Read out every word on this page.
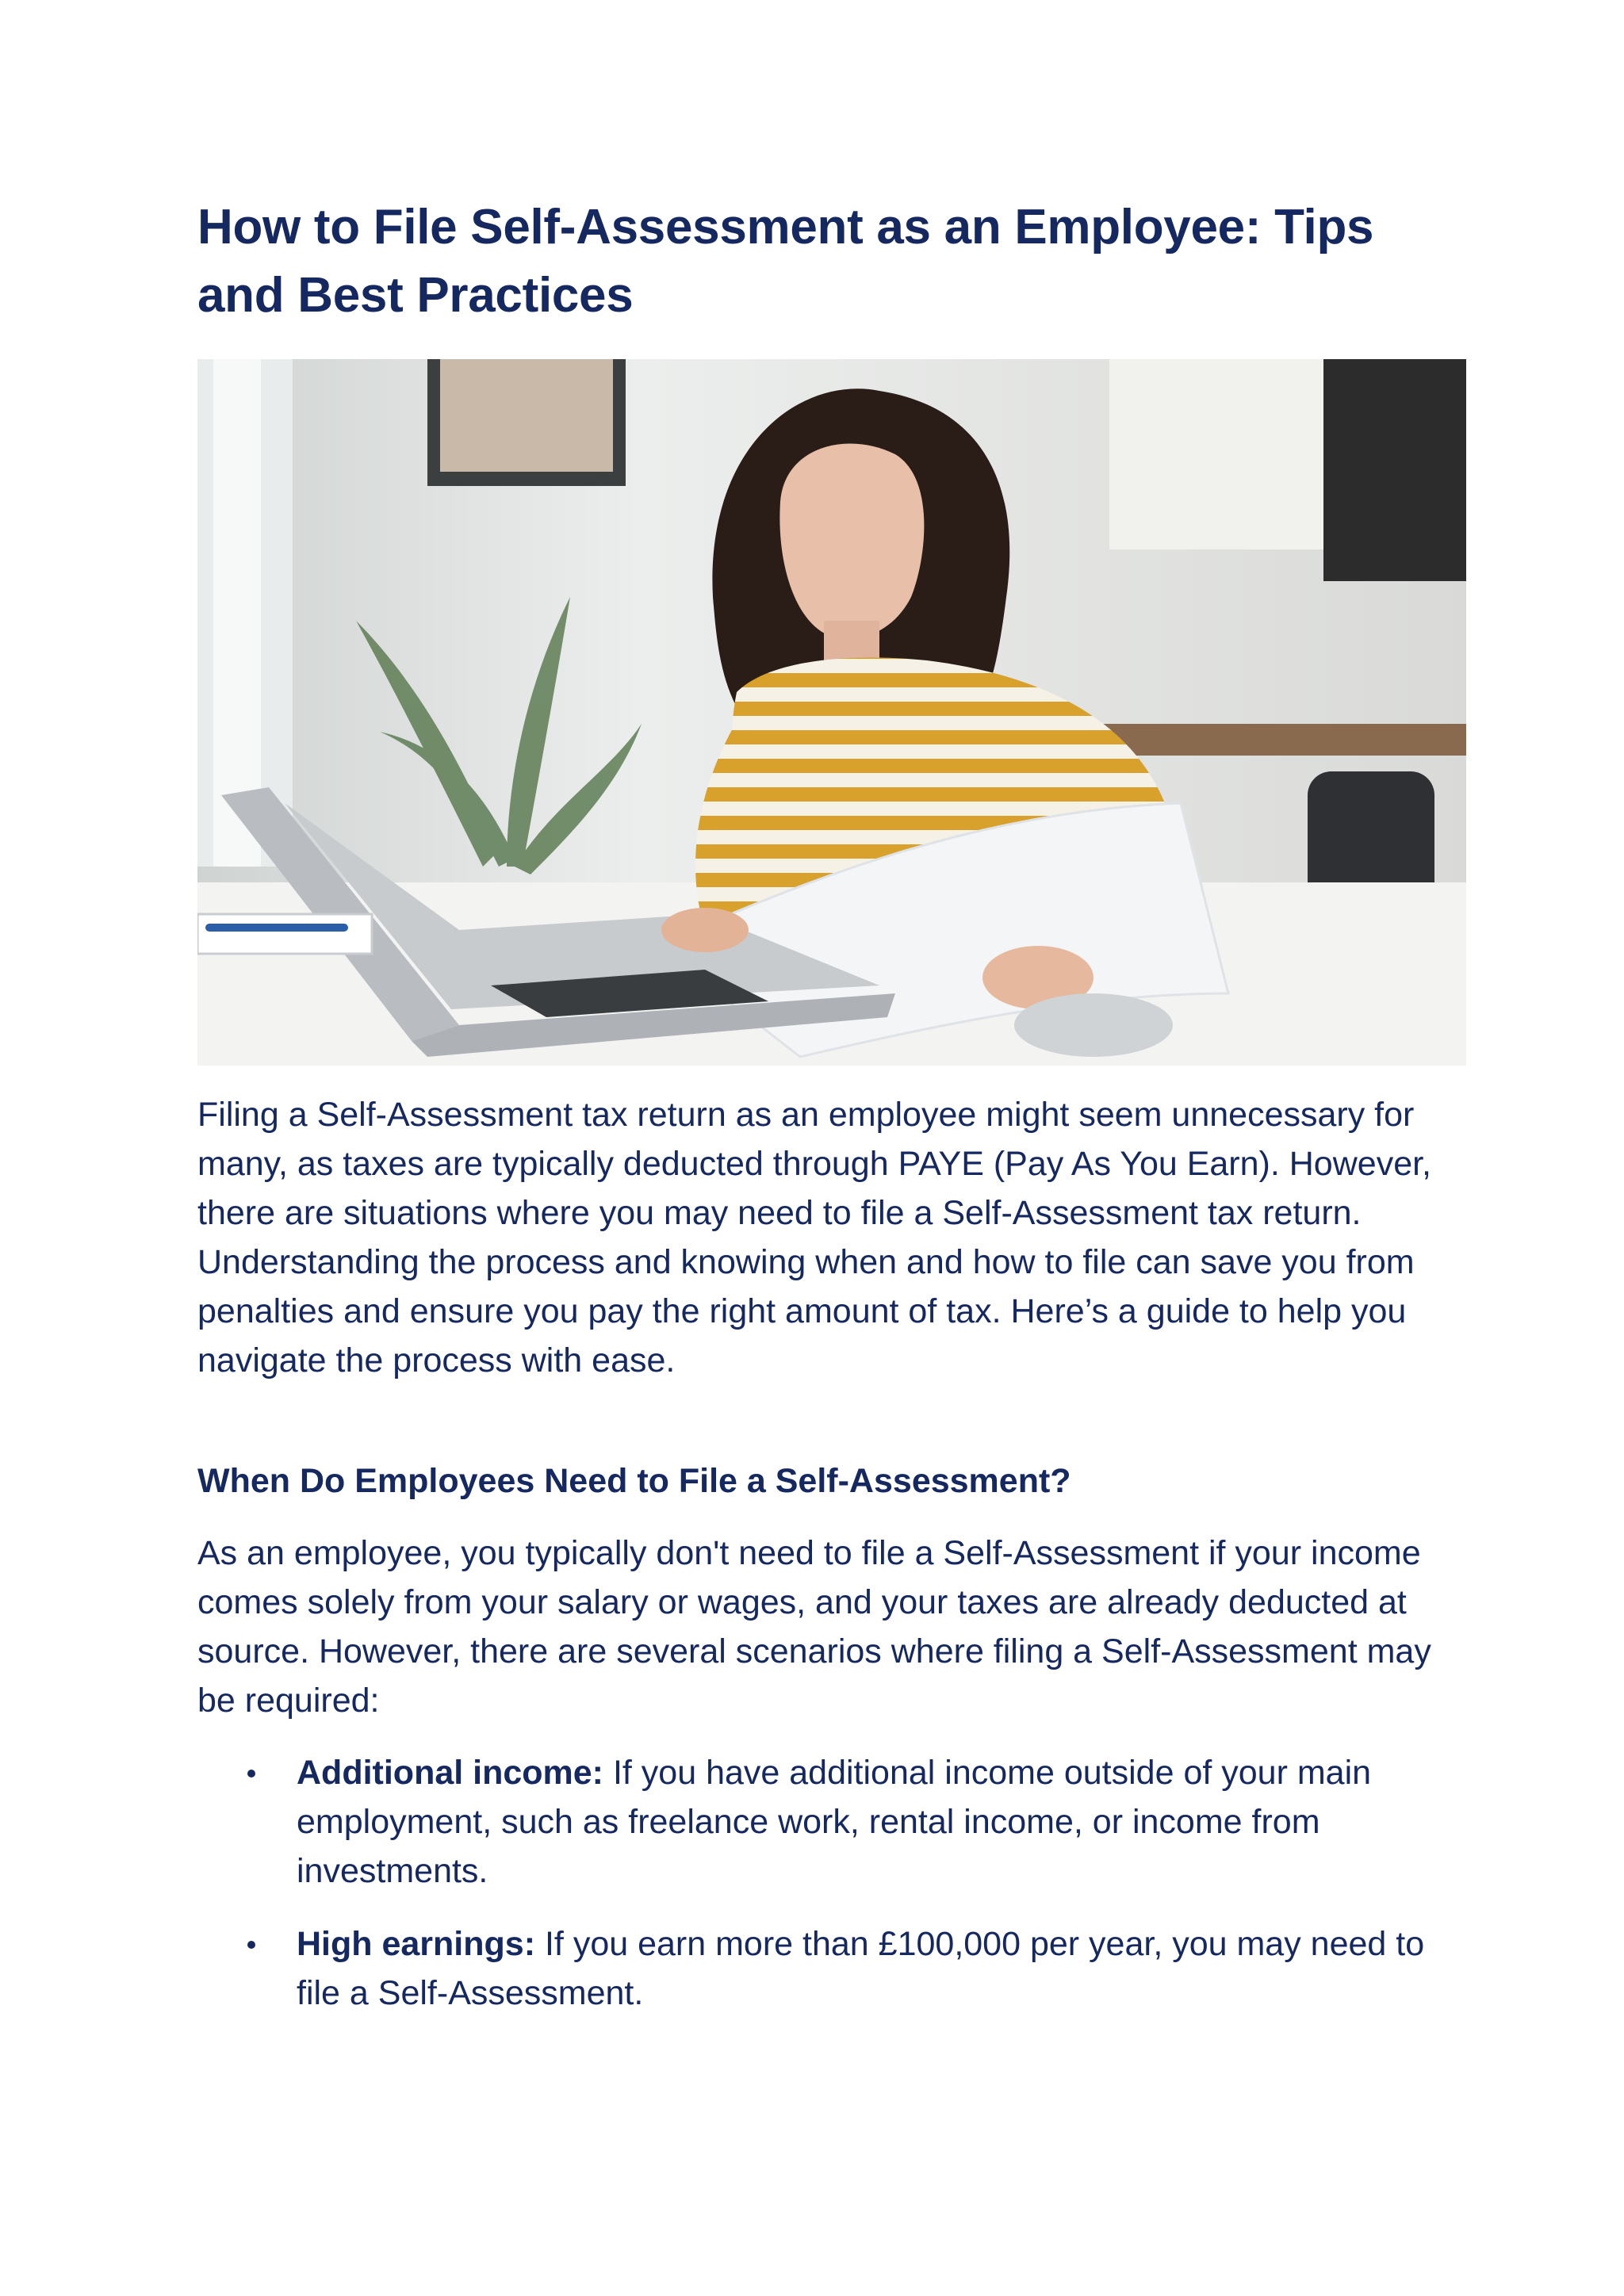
How to File Self-Assessment as an Employee: Tips and Best Practices

Filing a Self-Assessment tax return as an employee might seem unnecessary for many, as taxes are typically deducted through PAYE (Pay As You Earn). However, there are situations where you may need to file a Self-Assessment tax return. Understanding the process and knowing when and how to file can save you from penalties and ensure you pay the right amount of tax. Here’s a guide to help you navigate the process with ease.

When Do Employees Need to File a Self-Assessment?

As an employee, you typically don't need to file a Self-Assessment if your income comes solely from your salary or wages, and your taxes are already deducted at source. However, there are several scenarios where filing a Self-Assessment may be required:

Additional income: If you have additional income outside of your main employment, such as freelance work, rental income, or income from investments.
High earnings: If you earn more than £100,000 per year, you may need to file a Self-Assessment.
